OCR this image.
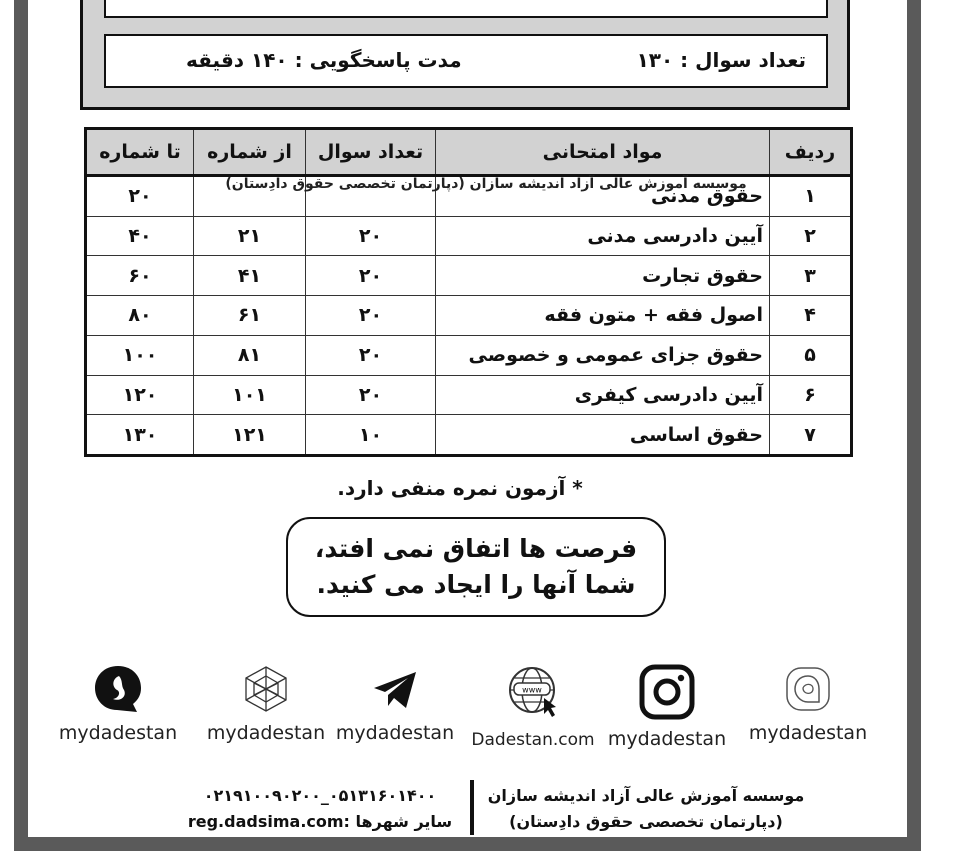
تعداد سوال : ۱۳۰
مدت پاسخگویی : ۱۴۰ دقیقه
ردیف	مواد امتحانی	تعداد سوال	از شماره	تا شماره
۱	حقوق مدنی			۲۰
۲	آیین دادرسی مدنی	۲۰	۲۱	۴۰
۳	حقوق تجارت	۲۰	۴۱	۶۰
۴	اصول فقه + متون فقه	۲۰	۶۱	۸۰
۵	حقوق جزای عمومی و خصوصی	۲۰	۸۱	۱۰۰
۶	آیین دادرسی کیفری	۲۰	۱۰۱	۱۲۰
۷	حقوق اساسی	۱۰	۱۲۱	۱۳۰
موسسه آموزش عالی آزاد اندیشه سازان (دپارتمان تخصصی حقوق دادِستان)
* آزمون نمره منفی دارد.
فرصت ها اتفاق نمی افتد،
شما آنها را ایجاد می کنید.
mydadestan	mydadestan mydadestan
www
Dadestan.com mydadestan	mydadestan
۰۲۱۹۱۰۰۹۰۲۰۰_۰۵۱۳۱۶۰۱۴۰۰
reg.dadsima.com: سایر شهرها
موسسه آموزش عالی آزاد اندیشه سازان
(دپارتمان تخصصی حقوق دادِستان)
